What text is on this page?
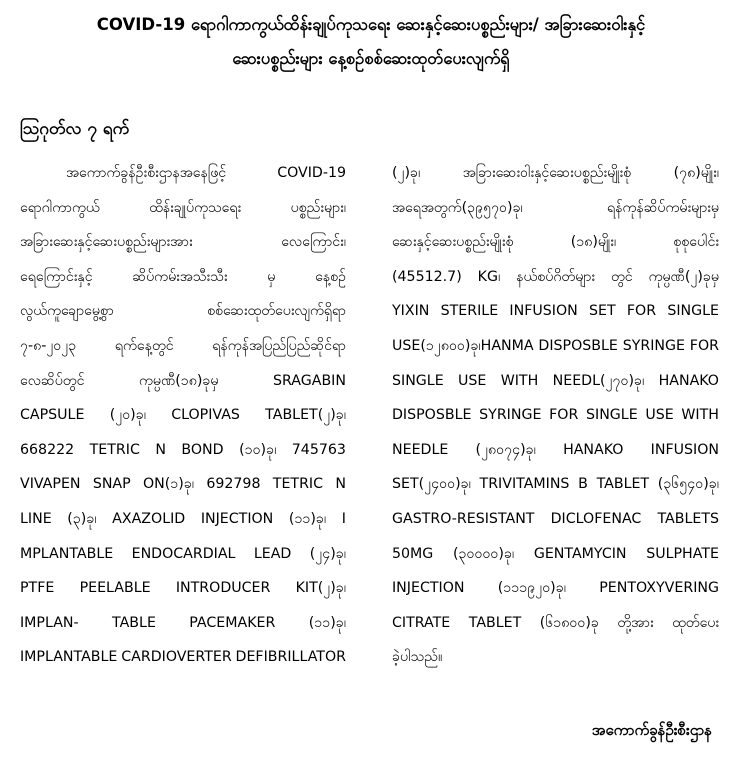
COVID-19 ရောဂါကာကွယ်ထိန်းချုပ်ကုသရေး ဆေးနှင့်ဆေးပစ္စည်းများ/ အခြားဆေးဝါးနှင့်
ဆေးပစ္စည်းများ နေ့စဉ်စစ်ဆေးထုတ်ပေးလျက်ရှိ
ဩဂုတ်လ ၇ ရက်
အကောက်ခွန်ဦးစီးဌာနအနေဖြင့်	COVID-19
ရောဂါကာကွယ်	ထိန်းချုပ်ကုသရေး	ပစ္စည်းများ၊
အခြားဆေးနှင့်ဆေးပစ္စည်းများအား	လေကြောင်း၊
ရေကြောင်းနှင့်	ဆိပ်ကမ်းအသီးသီး	မှ	နေ့စဉ်
လွယ်ကူချောမွေ့စွာ	စစ်ဆေးထုတ်ပေးလျက်ရှိရာ
၇-၈-၂၀၂၃	ရက်နေ့တွင်	ရန်ကုန်အပြည်ပြည်ဆိုင်ရာ
လေဆိပ်တွင်	ကုမ္ပဏီ(၁၈)ခုမှ	SRAGABIN
CAPSULE (၂၀)ခု၊ CLOPIVAS TABLET(၂)ခု၊
668222 TETRIC N BOND (၁၀)ခု၊ 745763
VIVAPEN SNAP ON(၁)ခု၊ 692798 TETRIC N
LINE (၃)ခု၊ AXAZOLID INJECTION (၁၁)ခု၊ I
MPLANTABLE ENDOCARDIAL LEAD (၂၄)ခု၊
PTFE PEELABLE INTRODUCER KIT(၂)ခု၊
IMPLAN- TABLE PACEMAKER (၁၁)ခု၊
IMPLANTABLE CARDIOVERTER DEFIBRILLATOR
(၂)ခု၊	အခြားဆေးဝါးနှင့်ဆေးပစ္စည်းမျိုးစုံ	(၇၈)မျိုး၊
အရေအတွက်(၃၉၅၇၀)ခု၊	ရန်ကုန်ဆိပ်ကမ်းများမှ
ဆေးနှင့်ဆေးပစ္စည်းမျိုးစုံ	(၁၈)မျိုး၊	စုစုပေါင်း
(45512.7) KG၊ နယ်စပ်ဂိတ်များ တွင် ကုမ္ပဏီ(၂)ခုမှ
YIXIN STERILE INFUSION SET FOR SINGLE
USE(၁၂၈၀၀)ခု၊HANMA DISPOSBLE SYRINGE FOR
SINGLE USE WITH NEEDL(၂၇၀)ခု၊ HANAKO
DISPOSBLE SYRINGE FOR SINGLE USE WITH
NEEDLE (၂၈၀၇၄)ခု၊ HANAKO INFUSION
SET(၂၄၀၀)ခု၊ TRIVITAMINS B TABLET (၃၆၅၄၀)ခု၊
GASTRO-RESISTANT DICLOFENAC TABLETS
50MG (၃၀၀၀၀)ခု၊ GENTAMYCIN SULPHATE
INJECTION (၁၁၁၉၂၀)ခု၊ PENTOXYVERING
CITRATE TABLET (၆၁၈၀၀)ခု တို့အား ထုတ်ပေး
ခဲ့ပါသည်။
အကောက်ခွန်ဦးစီးဌာန
